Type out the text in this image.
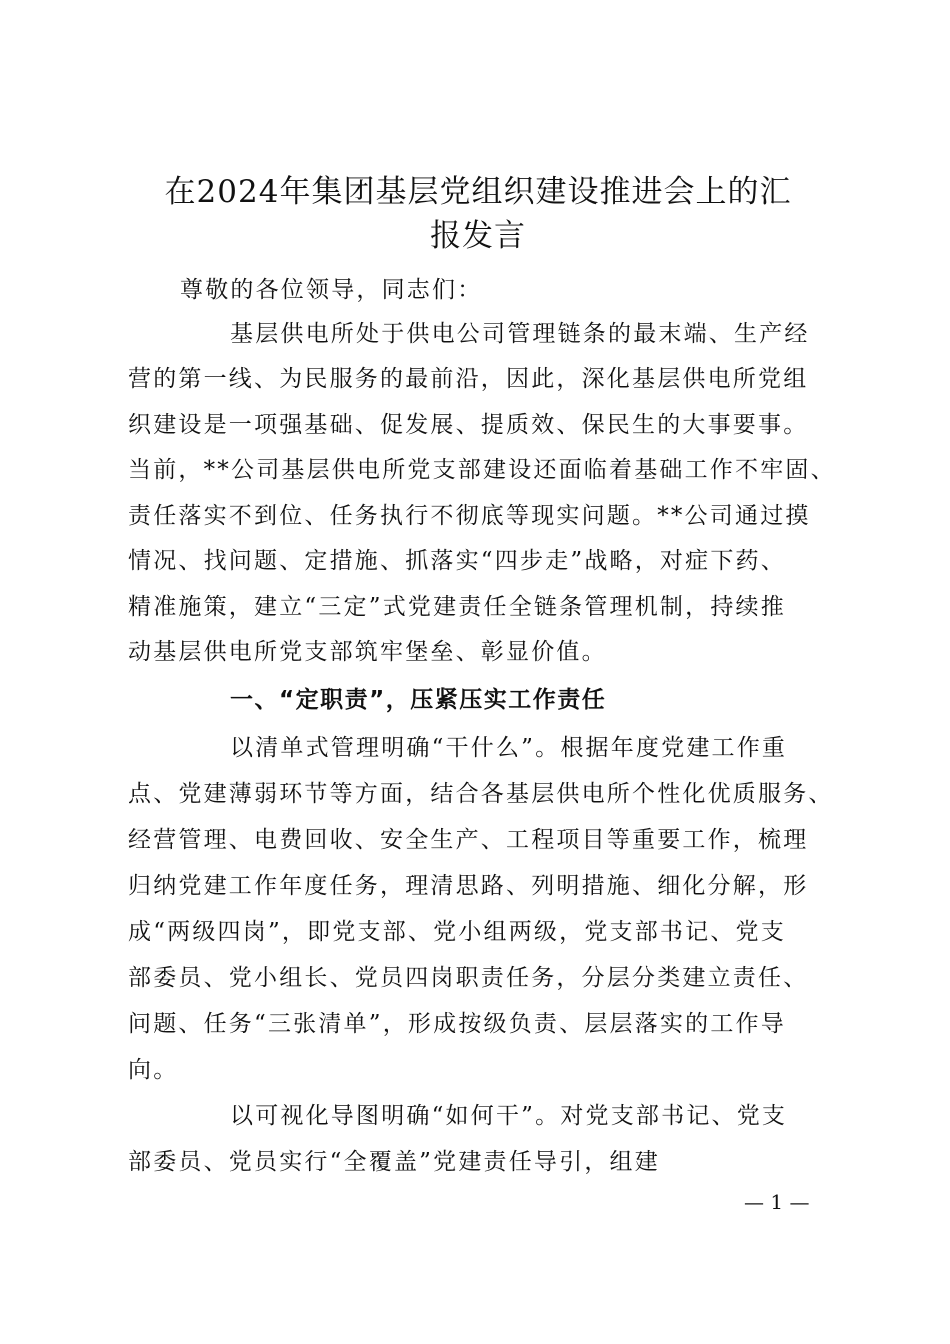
在2024年集团基层党组织建设推进会上的汇
报发言
尊敬的各位领导，同志们：
基层供电所处于供电公司管理链条的最末端、生产经
营的第一线、为民服务的最前沿，因此，深化基层供电所党组
织建设是一项强基础、促发展、提质效、保民生的大事要事。
当前，**公司基层供电所党支部建设还面临着基础工作不牢固、
责任落实不到位、任务执行不彻底等现实问题。**公司通过摸
情况、找问题、定措施、抓落实“四步走”战略，对症下药、
精准施策，建立“三定”式党建责任全链条管理机制，持续推
动基层供电所党支部筑牢堡垒、彰显价值。
一、“定职责”，压紧压实工作责任
以清单式管理明确“干什么”。根据年度党建工作重
点、党建薄弱环节等方面，结合各基层供电所个性化优质服务、
经营管理、电费回收、安全生产、工程项目等重要工作，梳理
归纳党建工作年度任务，理清思路、列明措施、细化分解，形
成“两级四岗”，即党支部、党小组两级，党支部书记、党支
部委员、党小组长、党员四岗职责任务，分层分类建立责任、
问题、任务“三张清单”，形成按级负责、层层落实的工作导
向。
以可视化导图明确“如何干”。对党支部书记、党支
部委员、党员实行“全覆盖”党建责任导引，组建
— 1 —
